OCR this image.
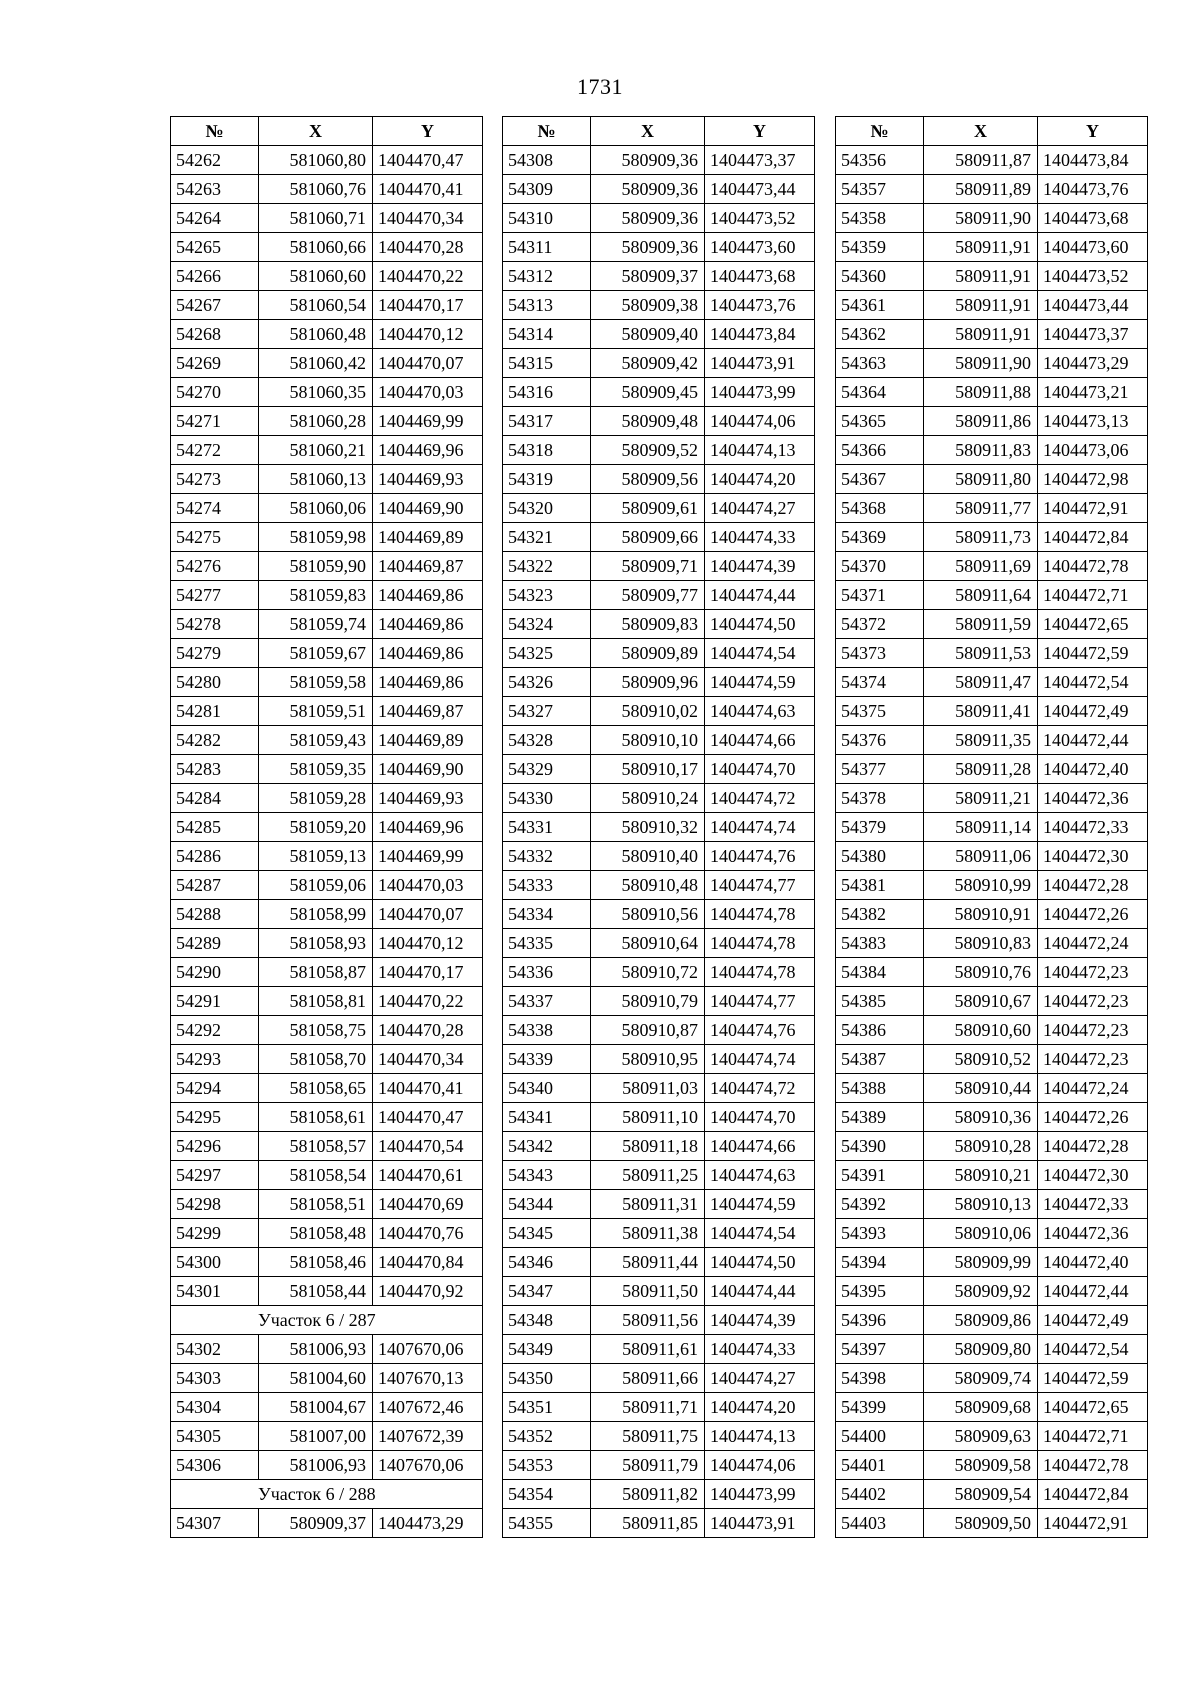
1731
№	X	Y
54262	581060,80	1404470,47
54263	581060,76	1404470,41
54264	581060,71	1404470,34
54265	581060,66	1404470,28
54266	581060,60	1404470,22
54267	581060,54	1404470,17
54268	581060,48	1404470,12
54269	581060,42	1404470,07
54270	581060,35	1404470,03
54271	581060,28	1404469,99
54272	581060,21	1404469,96
54273	581060,13	1404469,93
54274	581060,06	1404469,90
54275	581059,98	1404469,89
54276	581059,90	1404469,87
54277	581059,83	1404469,86
54278	581059,74	1404469,86
54279	581059,67	1404469,86
54280	581059,58	1404469,86
54281	581059,51	1404469,87
54282	581059,43	1404469,89
54283	581059,35	1404469,90
54284	581059,28	1404469,93
54285	581059,20	1404469,96
54286	581059,13	1404469,99
54287	581059,06	1404470,03
54288	581058,99	1404470,07
54289	581058,93	1404470,12
54290	581058,87	1404470,17
54291	581058,81	1404470,22
54292	581058,75	1404470,28
54293	581058,70	1404470,34
54294	581058,65	1404470,41
54295	581058,61	1404470,47
54296	581058,57	1404470,54
54297	581058,54	1404470,61
54298	581058,51	1404470,69
54299	581058,48	1404470,76
54300	581058,46	1404470,84
54301	581058,44	1404470,92
Участок 6 / 287		
54302	581006,93	1407670,06
54303	581004,60	1407670,13
54304	581004,67	1407672,46
54305	581007,00	1407672,39
54306	581006,93	1407670,06
Участок 6 / 288		
54307	580909,37	1404473,29
№	X	Y
54308	580909,36	1404473,37
54309	580909,36	1404473,44
54310	580909,36	1404473,52
54311	580909,36	1404473,60
54312	580909,37	1404473,68
54313	580909,38	1404473,76
54314	580909,40	1404473,84
54315	580909,42	1404473,91
54316	580909,45	1404473,99
54317	580909,48	1404474,06
54318	580909,52	1404474,13
54319	580909,56	1404474,20
54320	580909,61	1404474,27
54321	580909,66	1404474,33
54322	580909,71	1404474,39
54323	580909,77	1404474,44
54324	580909,83	1404474,50
54325	580909,89	1404474,54
54326	580909,96	1404474,59
54327	580910,02	1404474,63
54328	580910,10	1404474,66
54329	580910,17	1404474,70
54330	580910,24	1404474,72
54331	580910,32	1404474,74
54332	580910,40	1404474,76
54333	580910,48	1404474,77
54334	580910,56	1404474,78
54335	580910,64	1404474,78
54336	580910,72	1404474,78
54337	580910,79	1404474,77
54338	580910,87	1404474,76
54339	580910,95	1404474,74
54340	580911,03	1404474,72
54341	580911,10	1404474,70
54342	580911,18	1404474,66
54343	580911,25	1404474,63
54344	580911,31	1404474,59
54345	580911,38	1404474,54
54346	580911,44	1404474,50
54347	580911,50	1404474,44
54348	580911,56	1404474,39
54349	580911,61	1404474,33
54350	580911,66	1404474,27
54351	580911,71	1404474,20
54352	580911,75	1404474,13
54353	580911,79	1404474,06
54354	580911,82	1404473,99
54355	580911,85	1404473,91
№	X	Y
54356	580911,87	1404473,84
54357	580911,89	1404473,76
54358	580911,90	1404473,68
54359	580911,91	1404473,60
54360	580911,91	1404473,52
54361	580911,91	1404473,44
54362	580911,91	1404473,37
54363	580911,90	1404473,29
54364	580911,88	1404473,21
54365	580911,86	1404473,13
54366	580911,83	1404473,06
54367	580911,80	1404472,98
54368	580911,77	1404472,91
54369	580911,73	1404472,84
54370	580911,69	1404472,78
54371	580911,64	1404472,71
54372	580911,59	1404472,65
54373	580911,53	1404472,59
54374	580911,47	1404472,54
54375	580911,41	1404472,49
54376	580911,35	1404472,44
54377	580911,28	1404472,40
54378	580911,21	1404472,36
54379	580911,14	1404472,33
54380	580911,06	1404472,30
54381	580910,99	1404472,28
54382	580910,91	1404472,26
54383	580910,83	1404472,24
54384	580910,76	1404472,23
54385	580910,67	1404472,23
54386	580910,60	1404472,23
54387	580910,52	1404472,23
54388	580910,44	1404472,24
54389	580910,36	1404472,26
54390	580910,28	1404472,28
54391	580910,21	1404472,30
54392	580910,13	1404472,33
54393	580910,06	1404472,36
54394	580909,99	1404472,40
54395	580909,92	1404472,44
54396	580909,86	1404472,49
54397	580909,80	1404472,54
54398	580909,74	1404472,59
54399	580909,68	1404472,65
54400	580909,63	1404472,71
54401	580909,58	1404472,78
54402	580909,54	1404472,84
54403	580909,50	1404472,91
